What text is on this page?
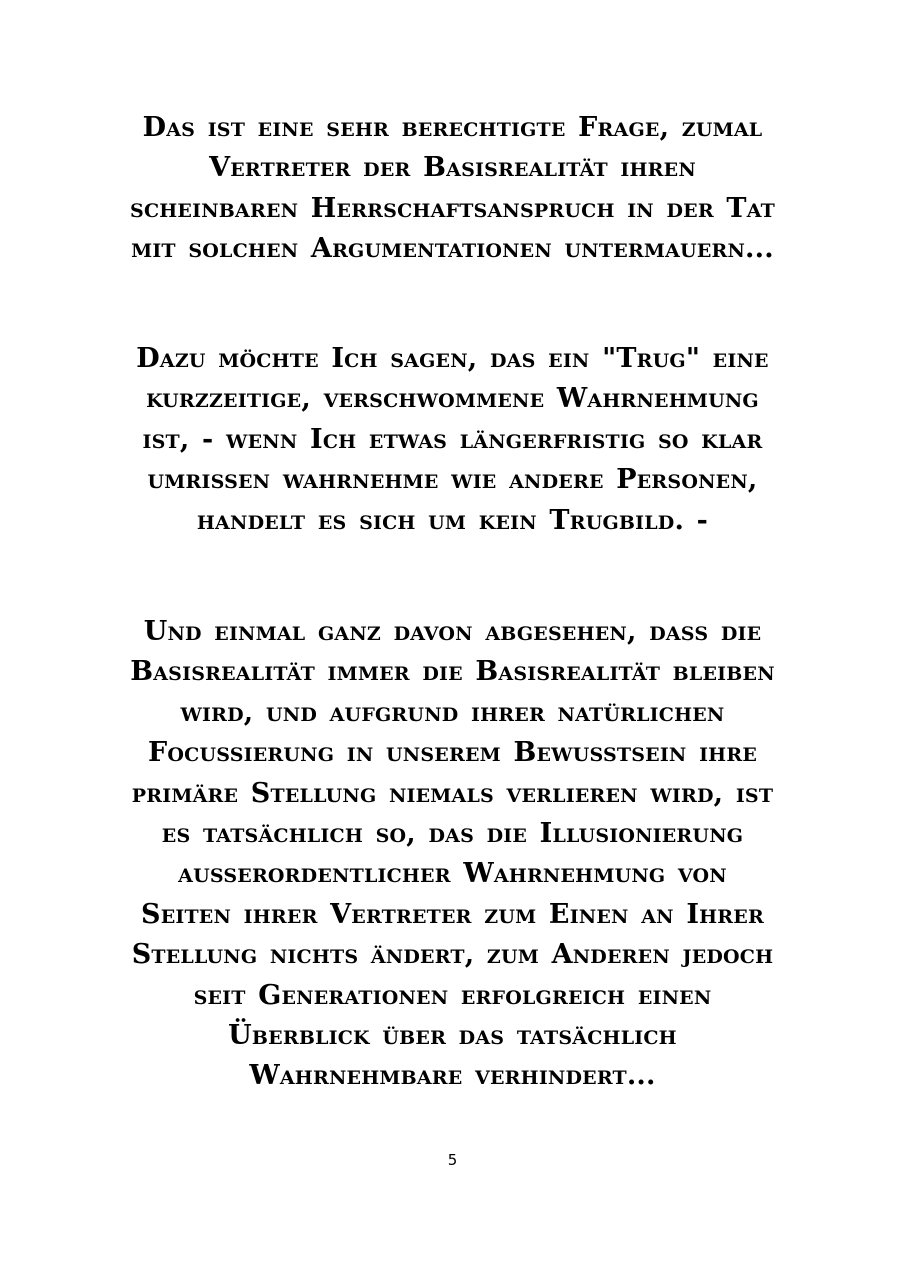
Das ist eine sehr berechtigte Frage, zumal
Vertreter der Basisrealität ihren
scheinbaren Herrschaftsanspruch in der Tat
mit solchen Argumentationen untermauern...
Dazu möchte Ich sagen, das ein "Trug" eine
kurzzeitige, verschwommene Wahrnehmung
ist, - wenn Ich etwas längerfristig so klar
umrissen wahrnehme wie andere Personen,
handelt es sich um kein Trugbild. -
Und einmal ganz davon abgesehen, dass die
Basisrealität immer die Basisrealität bleiben
wird, und aufgrund ihrer natürlichen
Focussierung in unserem Bewusstsein ihre
primäre Stellung niemals verlieren wird, ist
es tatsächlich so, das die Illusionierung
ausserordentlicher Wahrnehmung von
Seiten ihrer Vertreter zum Einen an Ihrer
Stellung nichts ändert, zum Anderen jedoch
seit Generationen erfolgreich einen
Überblick über das tatsächlich
Wahrnehmbare verhindert...
5
